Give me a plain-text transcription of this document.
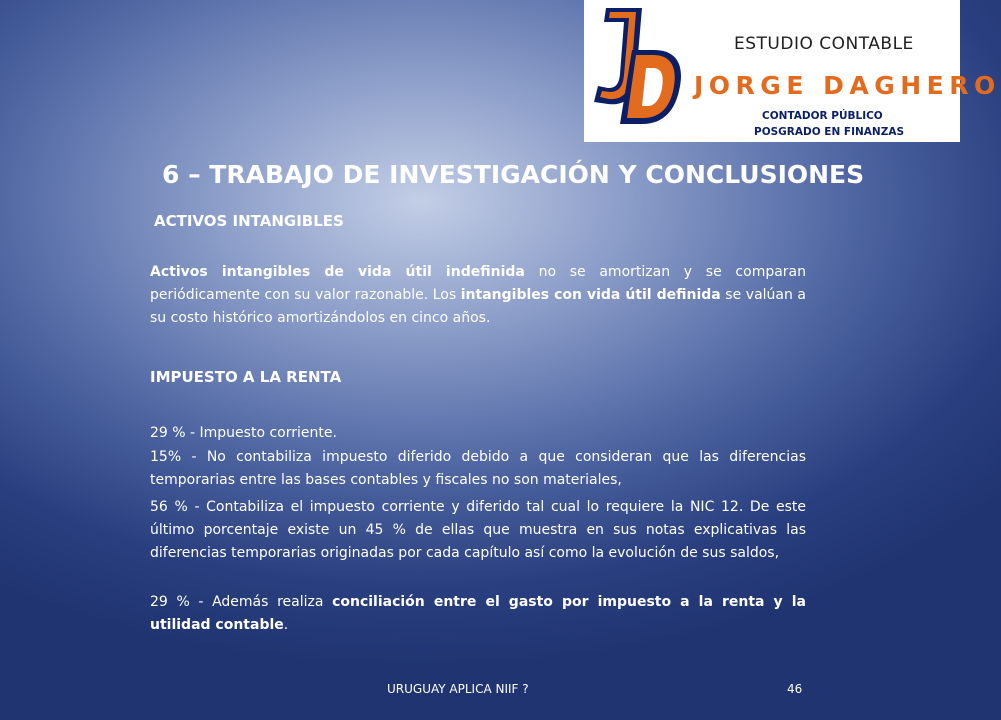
ESTUDIO CONTABLE
JORGE DAGHERO
CONTADOR PÚBLICO
POSGRADO EN FINANZAS
6 – TRABAJO DE INVESTIGACIÓN Y CONCLUSIONES
ACTIVOS INTANGIBLES

Activos intangibles de vida útil indefinida no se amortizan y se comparan periódicamente con su valor razonable. Los intangibles con vida útil definida se valúan a su costo histórico amortizándolos en cinco años.

IMPUESTO A LA RENTA

29 % - Impuesto corriente.

15% - No contabiliza impuesto diferido debido a que consideran que las diferencias temporarias entre las bases contables y fiscales no son materiales,

56 % - Contabiliza el impuesto corriente y diferido tal cual lo requiere la NIC 12. De este último porcentaje existe un 45 % de ellas que muestra en sus notas explicativas las diferencias temporarias originadas por cada capítulo así como la evolución de sus saldos,

29 % - Además realiza conciliación entre el gasto por impuesto a la renta y la utilidad contable.

URUGUAY APLICA NIIF ?	46
